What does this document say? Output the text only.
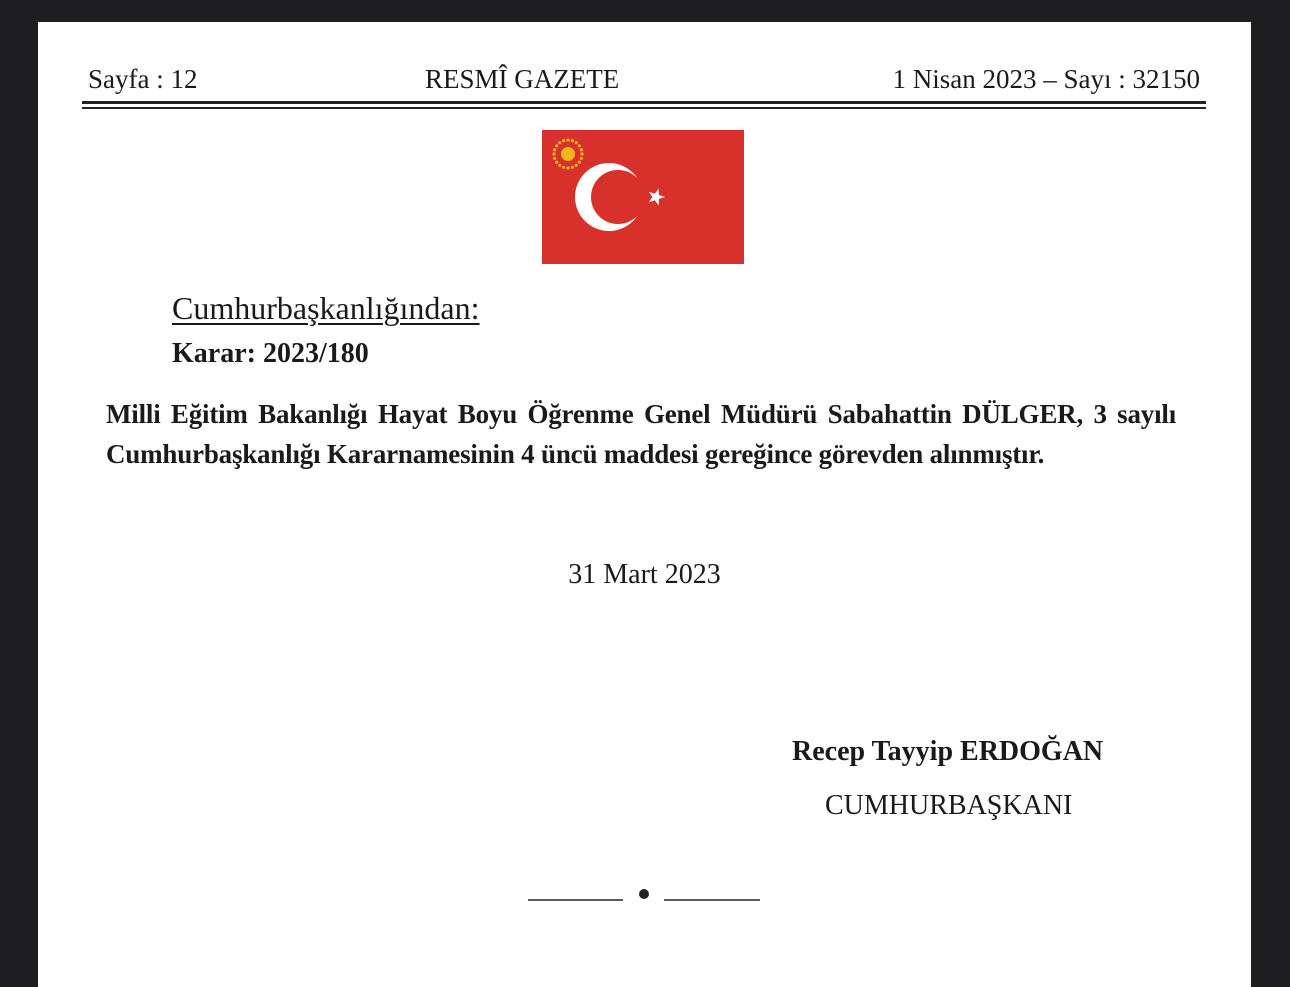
Sayfa : 12	RESMÎ GAZETE	1 Nisan 2023 – Sayı : 32150
Cumhurbaşkanlığından:
Karar: 2023/180
Milli Eğitim Bakanlığı Hayat Boyu Öğrenme Genel Müdürü Sabahattin DÜLGER, 3 sayılı
Cumhurbaşkanlığı Kararnamesinin 4 üncü maddesi gereğince görevden alınmıştır.
31 Mart 2023
Recep Tayyip ERDOĞAN
CUMHURBAŞKANI
